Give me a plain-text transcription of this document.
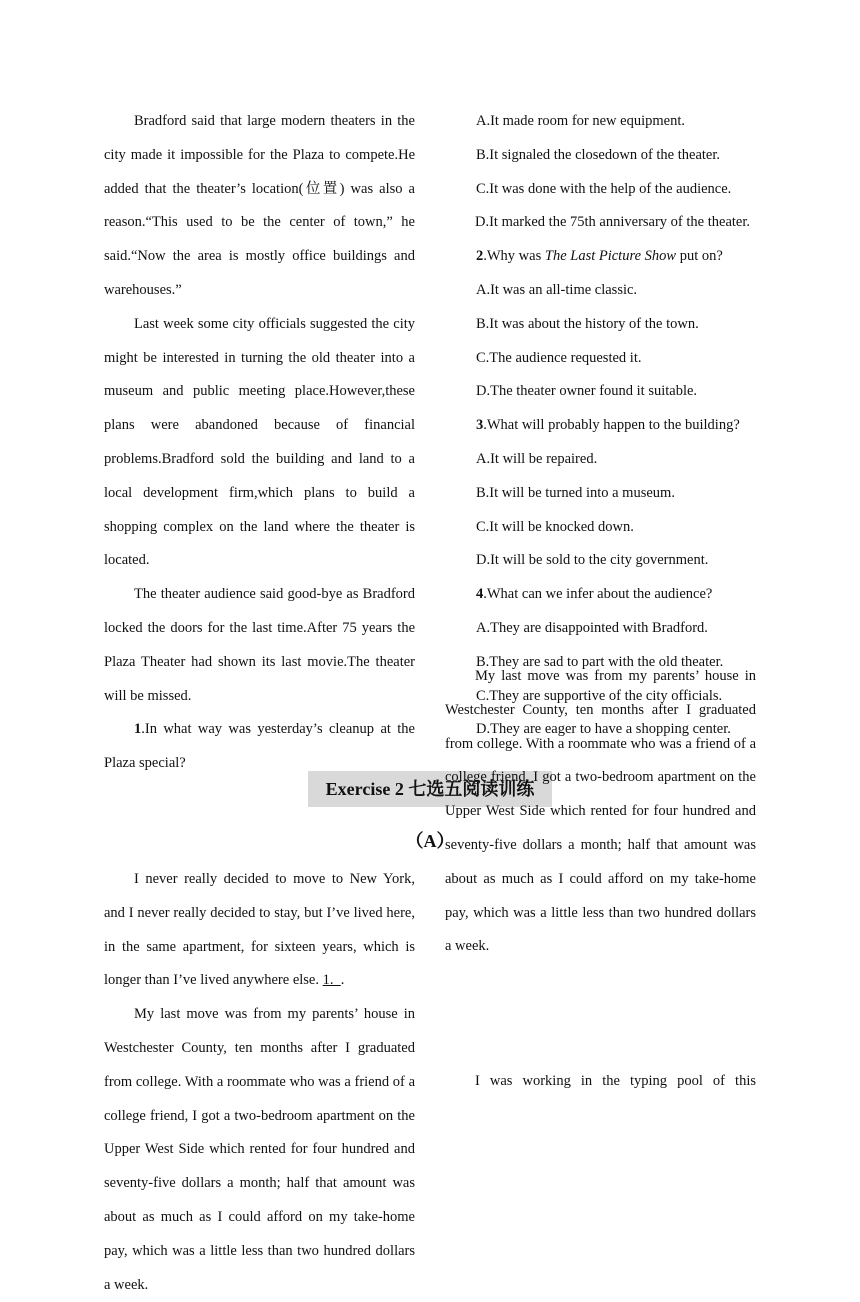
Bradford said that large modern theaters in the city made it impossible for the Plaza to compete.He added that the theater’s location(位置) was also a reason.“This used to be the center of town,” he said.“Now the area is mostly office buildings and warehouses.”

Last week some city officials suggested the city might be interested in turning the old theater into a museum and public meeting place.However,these plans were abandoned because of financial problems.Bradford sold the building and land to a local development firm,which plans to build a shopping complex on the land where the theater is located.

The theater audience said good-bye as Bradford locked the doors for the last time.After 75 years the Plaza Theater had shown its last movie.The theater will be missed.

1.In what way was yesterday’s cleanup at the Plaza special?

A.It made room for new equipment.

B.It signaled the closedown of the theater.

C.It was done with the help of the audience.

D.It marked the 75th anniversary of the theater.

2.Why was The Last Picture Show put on?

A.It was an all-time classic.

B.It was about the history of the town.

C.The audience requested it.

D.The theater owner found it suitable.

3.What will probably happen to the building?

A.It will be repaired.

B.It will be turned into a museum.

C.It will be knocked down.

D.It will be sold to the city government.

4.What can we infer about the audience?

A.They are disappointed with Bradford.

B.They are sad to part with the old theater.

C.They are supportive of the city officials.

D.They are eager to have a shopping center.

Exercise 2 七选五阅读训练
（A）

I never really decided to move to New York, and I never really decided to stay, but I’ve lived here, in the same apartment, for sixteen years, which is longer than I’ve lived anywhere else. 1. .

My last move was from my parents’ house in Westchester County, ten months after I graduated from college. With a roommate who was a friend of a college friend, I got a two-bedroom apartment on the Upper West Side which rented for four hundred and seventy-five dollars a month; half that amount was about as much as I could afford on my take-home pay, which was a little less than two hundred dollars a week.

My last move was from my parents’ house in Westchester County, ten months after I graduated from college. With a roommate who was a friend of a college friend, I got a two-bedroom apartment on the Upper West Side which rented for four hundred and seventy-five dollars a month; half that amount was about as much as I could afford on my take-home pay, which was a little less than two hundred dollars a week.

I was working in the typing pool of this
